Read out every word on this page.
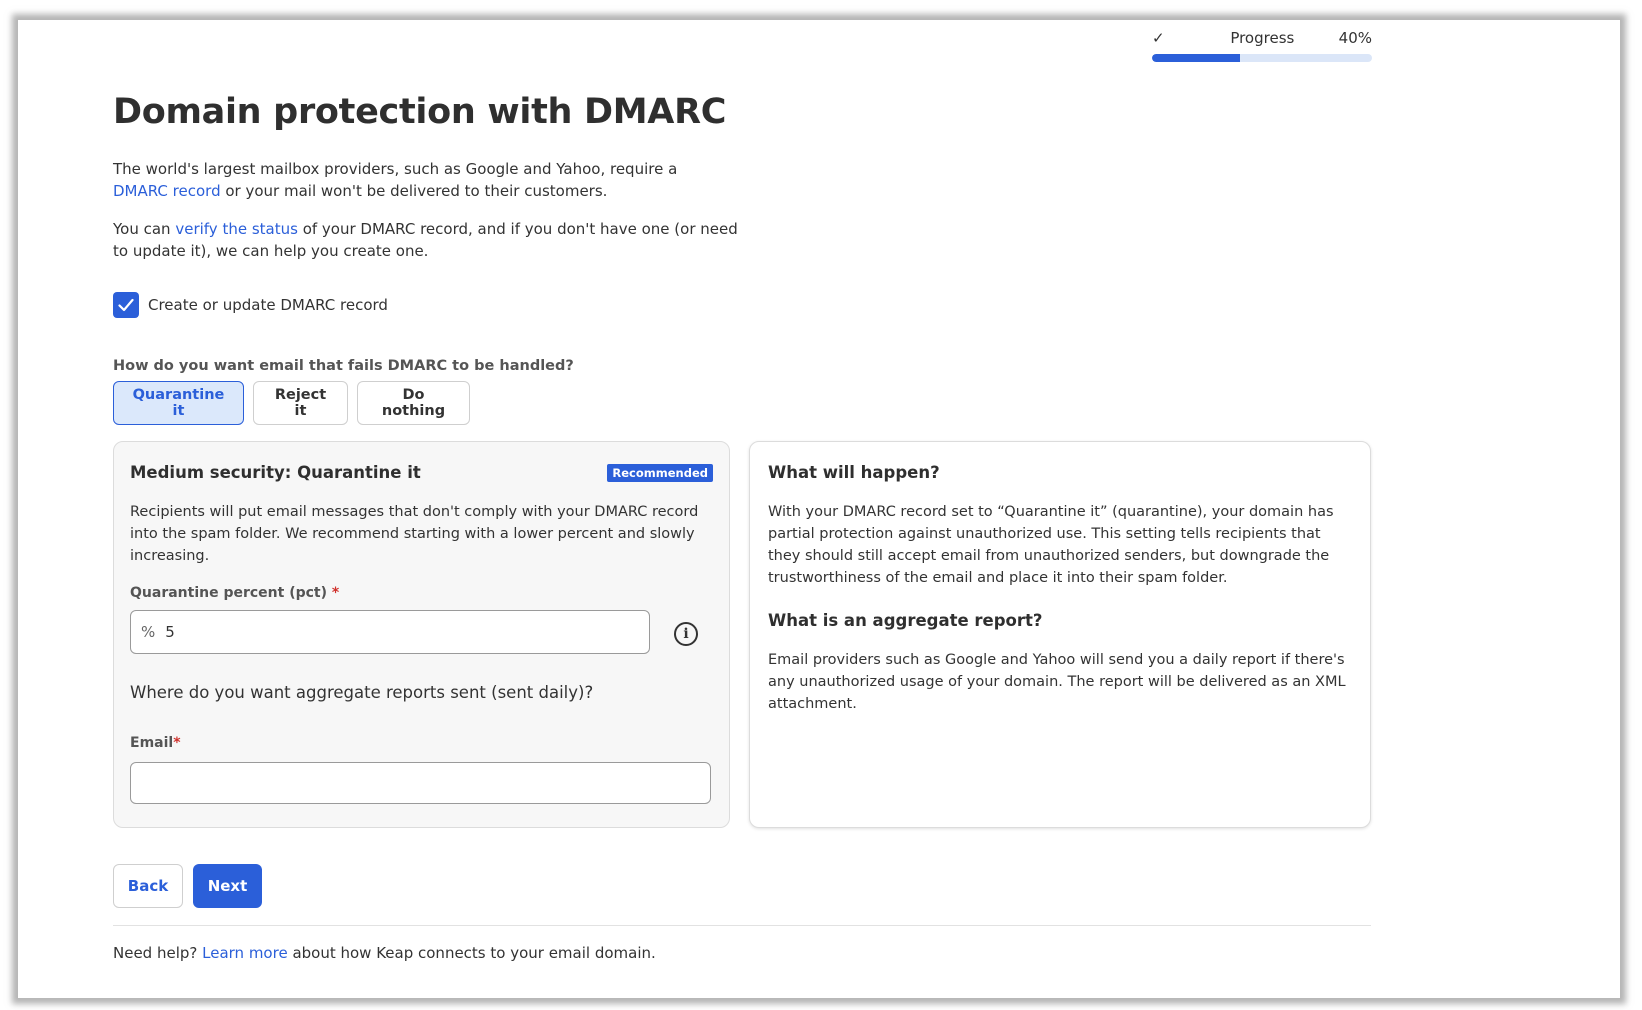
✓	Progress	40%
Domain protection with DMARC

The world's largest mailbox providers, such as Google and Yahoo, require a
DMARC record or your mail won't be delivered to their customers.

You can verify the status of your DMARC record, and if you don't have one (or need to update it), we can help you create one.

Create or update DMARC record
How do you want email that fails DMARC to be handled?
Quarantine it
Reject it
Do nothing
Medium security: Quarantine it	Recommended

Recipients will put email messages that don't comply with your DMARC record into the spam folder. We recommend starting with a lower percent and slowly increasing.

Quarantine percent (pct) *
% 5	i
Where do you want aggregate reports sent (sent daily)?
Email*
What will happen?

With your DMARC record set to “Quarantine it” (quarantine), your domain has partial protection against unauthorized use. This setting tells recipients that they should still accept email from unauthorized senders, but downgrade the trustworthiness of the email and place it into their spam folder.

What is an aggregate report?

Email providers such as Google and Yahoo will send you a daily report if there's any unauthorized usage of your domain. The report will be delivered as an XML attachment.

Back	Next
Need help? Learn more about how Keap connects to your email domain.
